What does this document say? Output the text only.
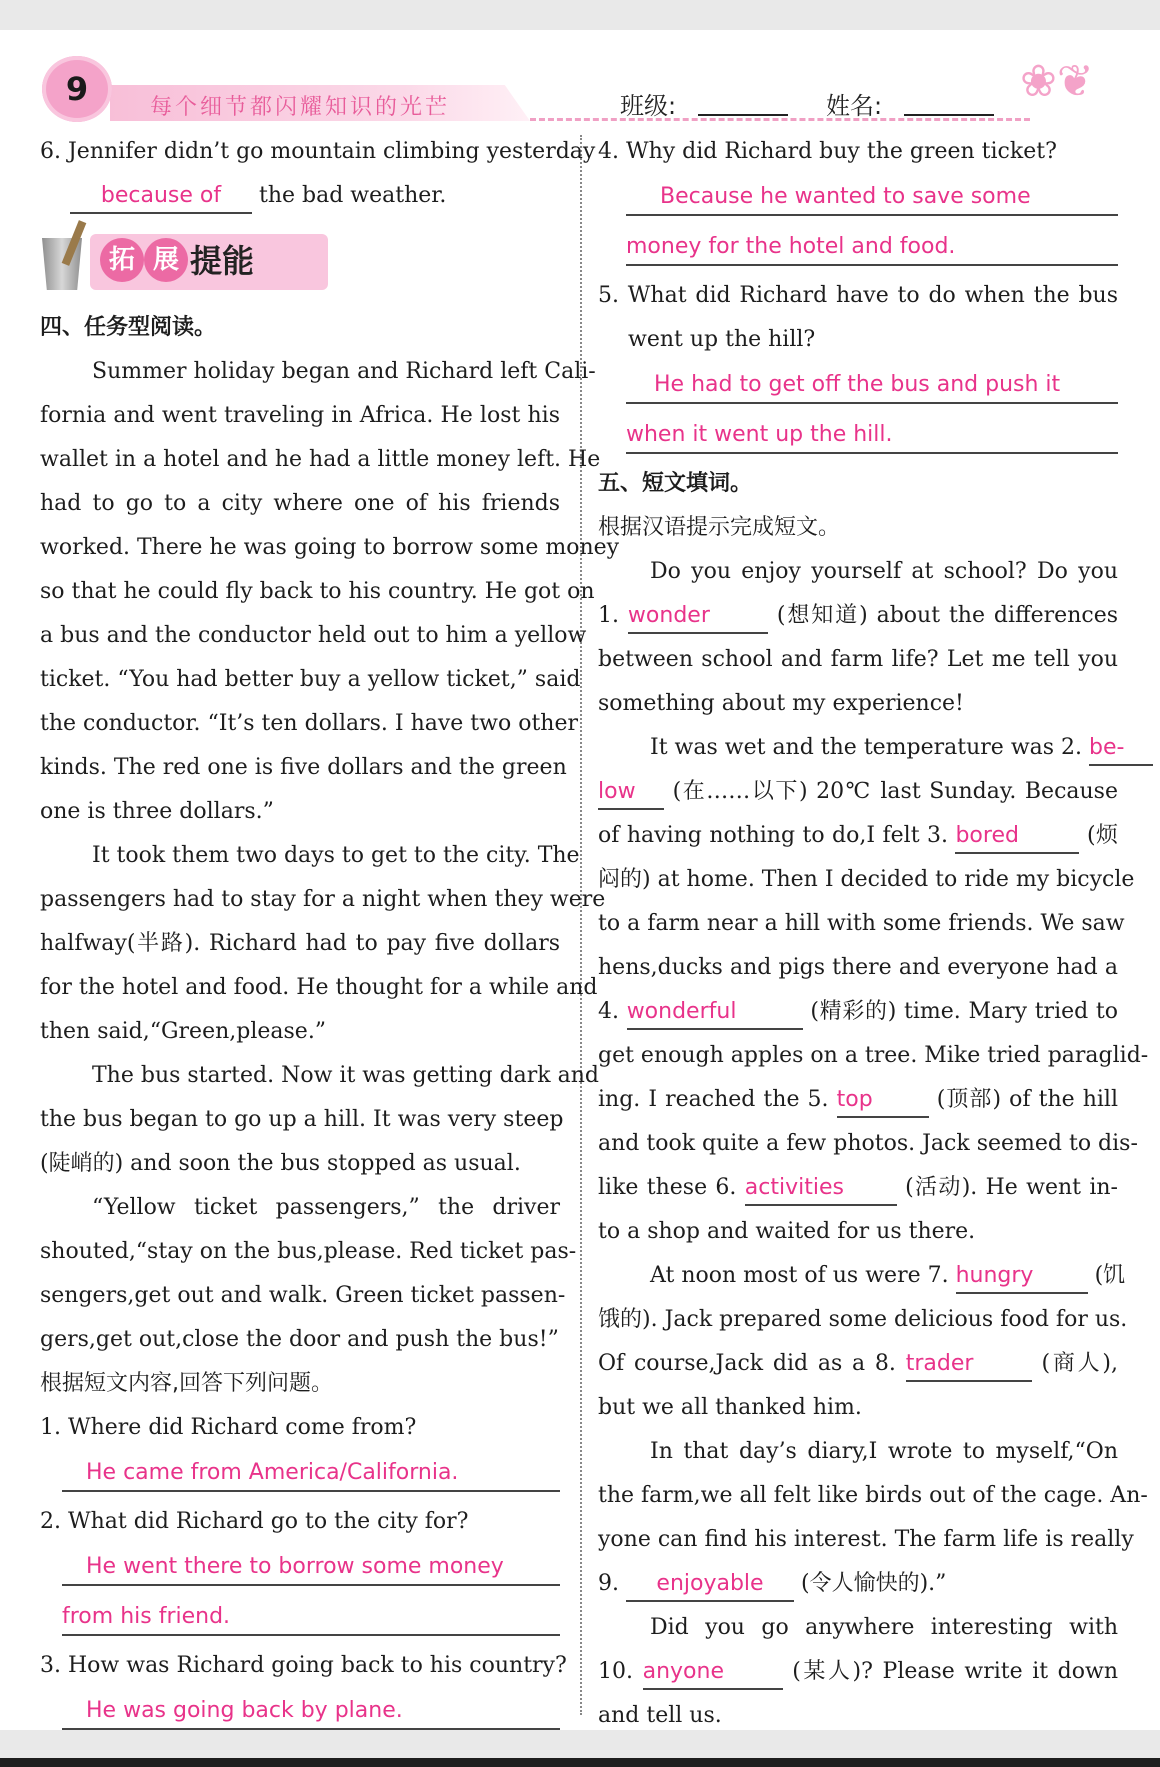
9	每个细节都闪耀知识的光芒	班级:	姓名:	❀❦
6. Jennifer didn’t go mountain climbing yesterday
because of the bad weather.
拓 展 提能
四、任务型阅读。
Summer holiday began and Richard left Cali-
fornia and went traveling in Africa. He lost his
wallet in a hotel and he had a little money left. He
had to go to a city where one of his friends
worked. There he was going to borrow some money
so that he could fly back to his country. He got on
a bus and the conductor held out to him a yellow
ticket. “You had better buy a yellow ticket,” said
the conductor. “It’s ten dollars. I have two other
kinds. The red one is five dollars and the green
one is three dollars.”
It took them two days to get to the city. The
passengers had to stay for a night when they were
halfway(半路). Richard had to pay five dollars
for the hotel and food. He thought for a while and
then said,“Green,please.”
The bus started. Now it was getting dark and
the bus began to go up a hill. It was very steep
(陡峭的) and soon the bus stopped as usual.
“Yellow ticket passengers,” the driver
shouted,“stay on the bus,please. Red ticket pas-
sengers,get out and walk. Green ticket passen-
gers,get out,close the door and push the bus!”
根据短文内容,回答下列问题。
1. Where did Richard come from?
He came from America/California.
2. What did Richard go to the city for?
He went there to borrow some money
from his friend.
3. How was Richard going back to his country?
He was going back by plane.
4. Why did Richard buy the green ticket?
Because he wanted to save some
money for the hotel and food.
5. What did Richard have to do when the bus
went up the hill?
He had to get off the bus and push it
when it went up the hill.
五、短文填词。
根据汉语提示完成短文。
Do you enjoy yourself at school? Do you
1. wonder	(想知道) about the differences
between school and farm life? Let me tell you
something about my experience!
It was wet and the temperature was 2. be-
low (在……以下) 20℃ last Sunday. Because
of having nothing to do,I felt 3. bored	(烦
闷的) at home. Then I decided to ride my bicycle
to a farm near a hill with some friends. We saw
hens,ducks and pigs there and everyone had a
4. wonderful	(精彩的) time. Mary tried to
get enough apples on a tree. Mike tried paraglid-
ing. I reached the 5. top	(顶部) of the hill
and took quite a few photos. Jack seemed to dis-
like these 6. activities	(活动). He went in-
to a shop and waited for us there.
At noon most of us were 7. hungry	(饥
饿的). Jack prepared some delicious food for us.
Of course,Jack did as a 8. trader	(商人),
but we all thanked him.
In that day’s diary,I wrote to myself,“On
the farm,we all felt like birds out of the cage. An-
yone can find his interest. The farm life is really
9. enjoyable (令人愉快的).”
Did you go anywhere interesting with
10. anyone	(某人)? Please write it down
and tell us.
